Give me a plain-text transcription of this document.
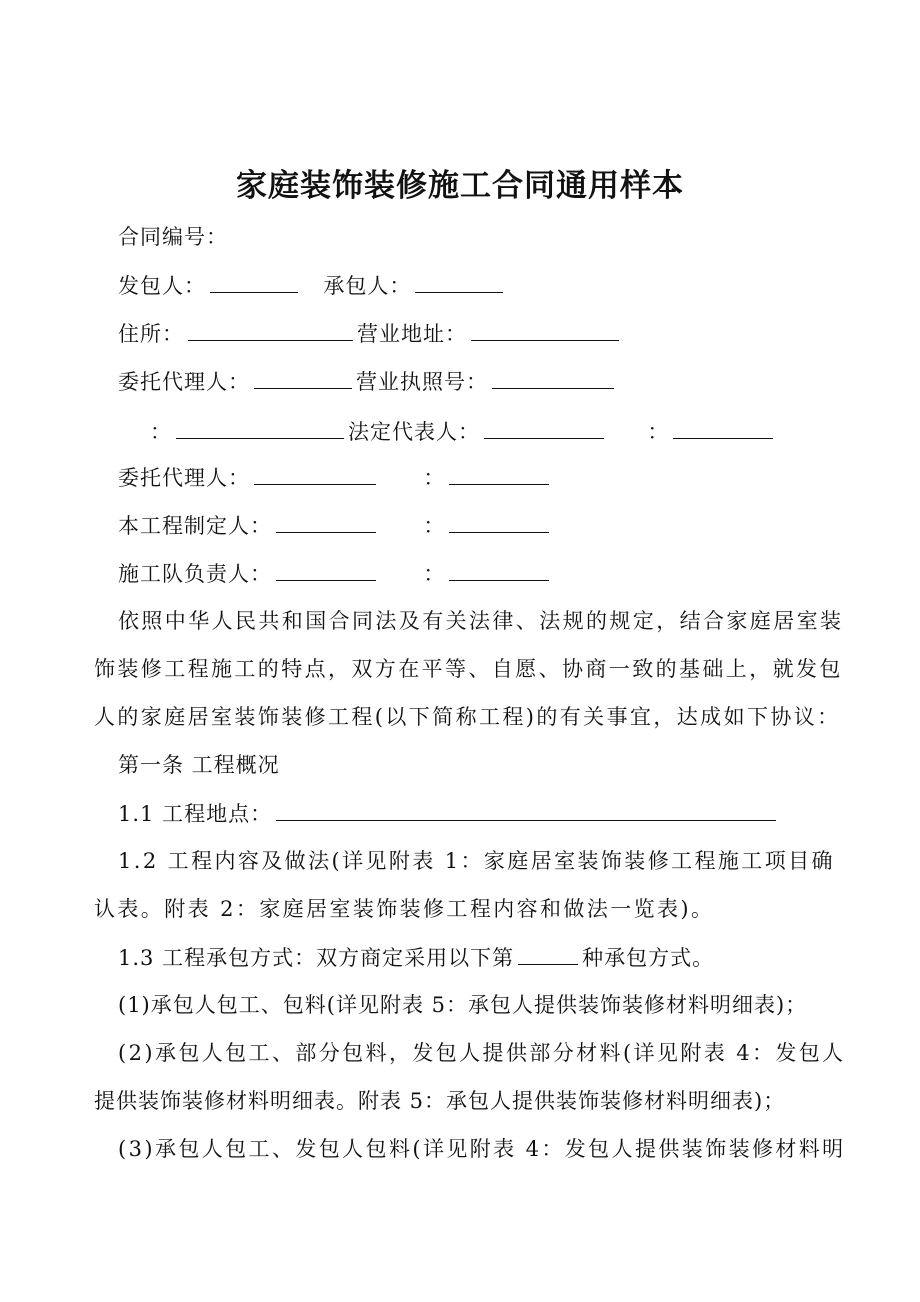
家庭装饰装修施工合同通用样本
合同编号：
发包人：	承包人：
住所：	营业地址：
委托代理人：	营业执照号：
：	法定代表人：	：
委托代理人：	：
本工程制定人：	：
施工队负责人：	：
依照中华人民共和国合同法及有关法律、法规的规定，结合家庭居室装
饰装修工程施工的特点，双方在平等、自愿、协商一致的基础上，就发包
人的家庭居室装饰装修工程(以下简称工程)的有关事宜，达成如下协议：
第一条 工程概况
1.1 工程地点：
1.2 工程内容及做法(详见附表 1：家庭居室装饰装修工程施工项目确
认表。附表 2：家庭居室装饰装修工程内容和做法一览表)。
1.3 工程承包方式：双方商定采用以下第	种承包方式。
(1)承包人包工、包料(详见附表 5：承包人提供装饰装修材料明细表)；
(2)承包人包工、部分包料，发包人提供部分材料(详见附表 4：发包人
提供装饰装修材料明细表。附表 5：承包人提供装饰装修材料明细表)；
(3)承包人包工、发包人包料(详见附表 4：发包人提供装饰装修材料明
